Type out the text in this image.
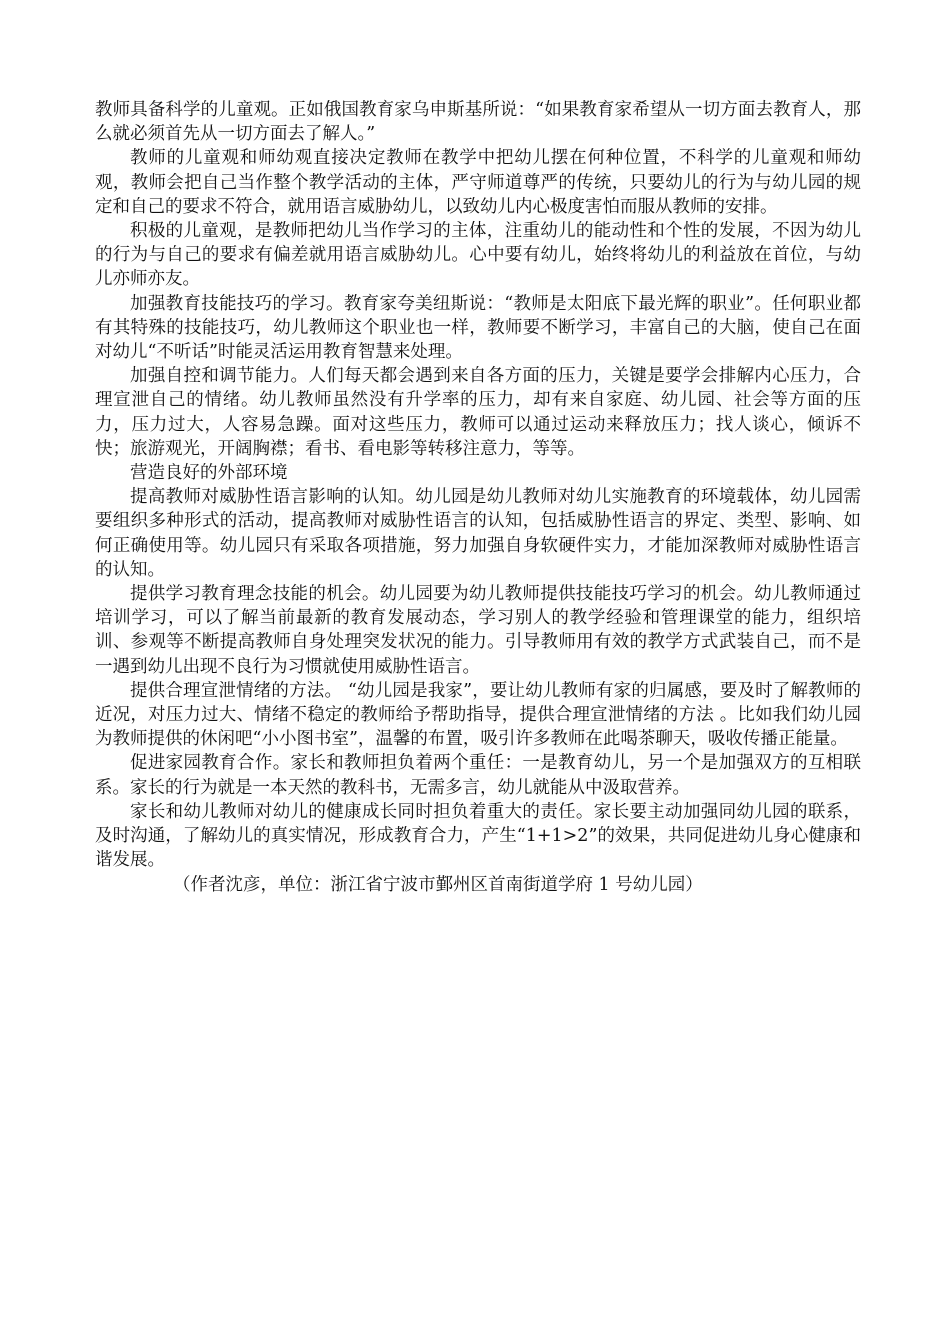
教师具备科学的儿童观。正如俄国教育家乌申斯基所说：“如果教育家希望从一切方面去教育人，那么就必须首先从一切方面去了解人。”

教师的儿童观和师幼观直接决定教师在教学中把幼儿摆在何种位置，不科学的儿童观和师幼观，教师会把自己当作整个教学活动的主体，严守师道尊严的传统，只要幼儿的行为与幼儿园的规定和自己的要求不符合，就用语言威胁幼儿，以致幼儿内心极度害怕而服从教师的安排。

积极的儿童观，是教师把幼儿当作学习的主体，注重幼儿的能动性和个性的发展，不因为幼儿的行为与自己的要求有偏差就用语言威胁幼儿。心中要有幼儿，始终将幼儿的利益放在首位，与幼儿亦师亦友。

加强教育技能技巧的学习。教育家夸美纽斯说：“教师是太阳底下最光辉的职业”。任何职业都有其特殊的技能技巧，幼儿教师这个职业也一样，教师要不断学习，丰富自己的大脑，使自己在面对幼儿“不听话”时能灵活运用教育智慧来处理。

加强自控和调节能力。人们每天都会遇到来自各方面的压力，关键是要学会排解内心压力，合理宣泄自己的情绪。幼儿教师虽然没有升学率的压力，却有来自家庭、幼儿园、社会等方面的压力，压力过大，人容易急躁。面对这些压力，教师可以通过运动来释放压力；找人谈心，倾诉不快；旅游观光，开阔胸襟；看书、看电影等转移注意力，等等。

营造良好的外部环境

提高教师对威胁性语言影响的认知。幼儿园是幼儿教师对幼儿实施教育的环境载体，幼儿园需要组织多种形式的活动，提高教师对威胁性语言的认知，包括威胁性语言的界定、类型、影响、如何正确使用等。幼儿园只有采取各项措施，努力加强自身软硬件实力，才能加深教师对威胁性语言的认知。

提供学习教育理念技能的机会。幼儿园要为幼儿教师提供技能技巧学习的机会。幼儿教师通过培训学习，可以了解当前最新的教育发展动态，学习别人的教学经验和管理课堂的能力，组织培训、参观等不断提高教师自身处理突发状况的能力。引导教师用有效的教学方式武装自己，而不是一遇到幼儿出现不良行为习惯就使用威胁性语言。

提供合理宣泄情绪的方法。 “幼儿园是我家”，要让幼儿教师有家的归属感，要及时了解教师的近况，对压力过大、情绪不稳定的教师给予帮助指导，提供合理宣泄情绪的方法 。比如我们幼儿园为教师提供的休闲吧“小小图书室”，温馨的布置，吸引许多教师在此喝茶聊天，吸收传播正能量。

促进家园教育合作。家长和教师担负着两个重任：一是教育幼儿，另一个是加强双方的互相联系。家长的行为就是一本天然的教科书，无需多言，幼儿就能从中汲取营养。

家长和幼儿教师对幼儿的健康成长同时担负着重大的责任。家长要主动加强同幼儿园的联系，及时沟通，了解幼儿的真实情况，形成教育合力，产生“1+1>2”的效果，共同促进幼儿身心健康和谐发展。

（作者沈彦，单位：浙江省宁波市鄞州区首南街道学府 1 号幼儿园）
